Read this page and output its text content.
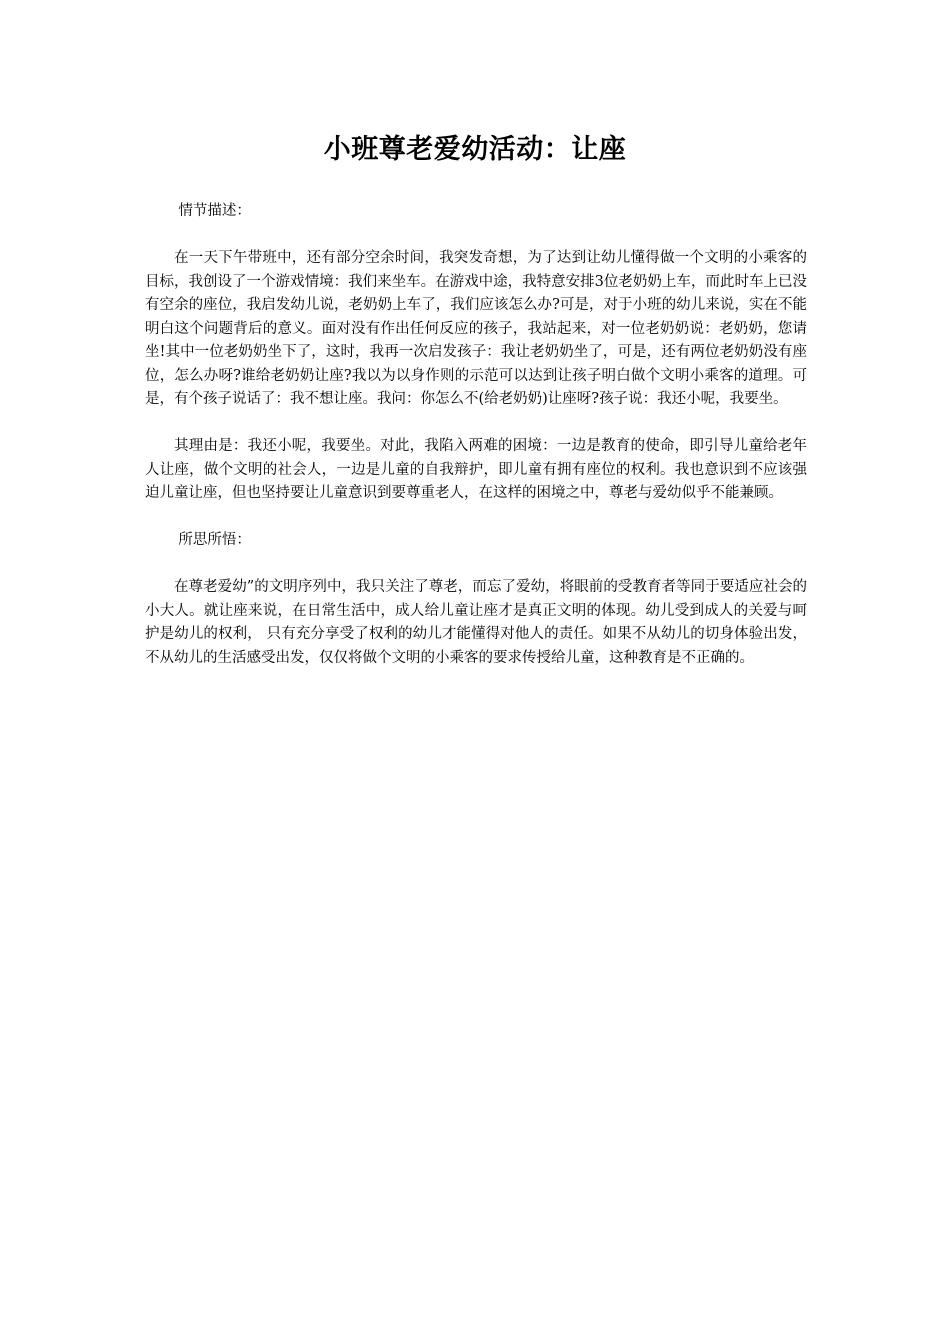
小班尊老爱幼活动：让座

情节描述：

在一天下午带班中，还有部分空余时间，我突发奇想，为了达到让幼儿懂得做一个文明的小乘客的目标，我创设了一个游戏情境：我们来坐车。在游戏中途，我特意安排3位老奶奶上车，而此时车上已没有空余的座位，我启发幼儿说，老奶奶上车了，我们应该怎么办?可是，对于小班的幼儿来说，实在不能明白这个问题背后的意义。面对没有作出任何反应的孩子，我站起来，对一位老奶奶说：老奶奶，您请坐!其中一位老奶奶坐下了，这时，我再一次启发孩子：我让老奶奶坐了，可是，还有两位老奶奶没有座位，怎么办呀?谁给老奶奶让座?我以为以身作则的示范可以达到让孩子明白做个文明小乘客的道理。可是，有个孩子说话了：我不想让座。我问：你怎么不(给老奶奶)让座呀?孩子说：我还小呢，我要坐。

其理由是：我还小呢，我要坐。对此，我陷入两难的困境：一边是教育的使命，即引导儿童给老年人让座，做个文明的社会人，一边是儿童的自我辩护，即儿童有拥有座位的权利。我也意识到不应该强迫儿童让座，但也坚持要让儿童意识到要尊重老人，在这样的困境之中，尊老与爱幼似乎不能兼顾。

所思所悟：

在尊老爱幼”的文明序列中，我只关注了尊老，而忘了爱幼，将眼前的受教育者等同于要适应社会的小大人。就让座来说，在日常生活中，成人给儿童让座才是真正文明的体现。幼儿受到成人的关爱与呵护是幼儿的权利， 只有充分享受了权利的幼儿才能懂得对他人的责任。如果不从幼儿的切身体验出发，不从幼儿的生活感受出发，仅仅将做个文明的小乘客的要求传授给儿童，这种教育是不正确的。
